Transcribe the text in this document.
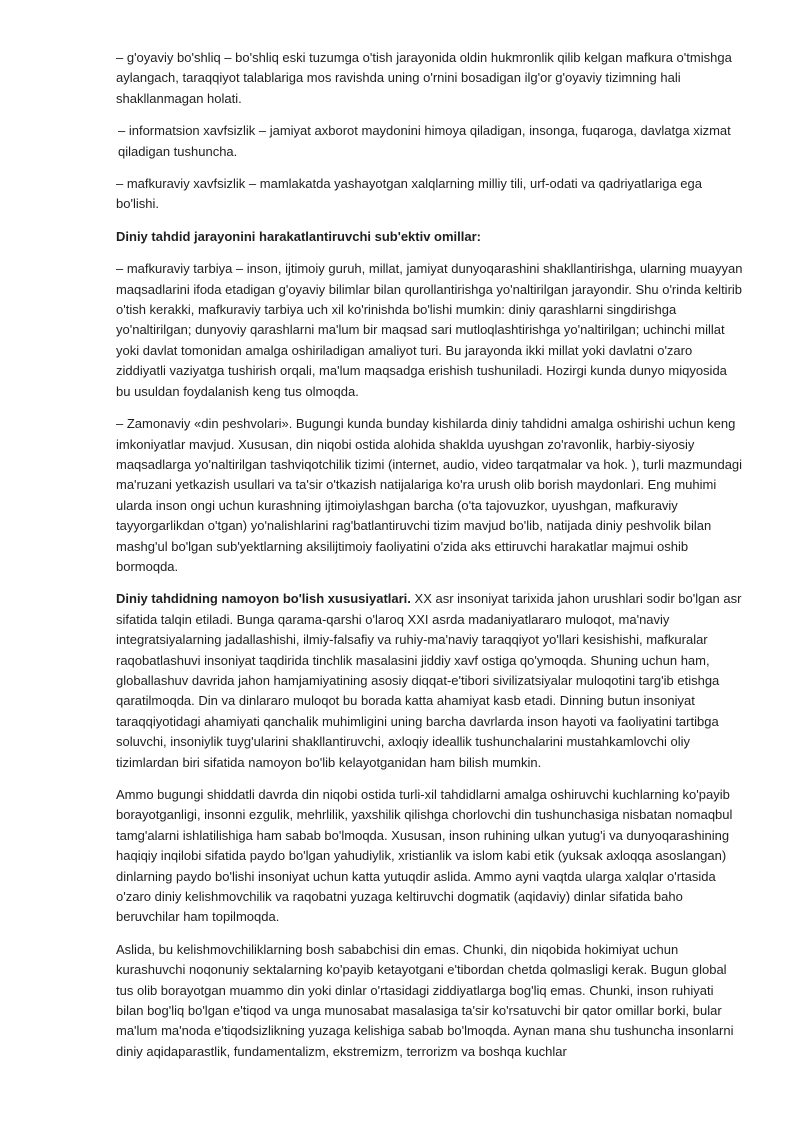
– g'oyaviy bo'shliq – bo'shliq eski tuzumga o'tish jarayonida oldin hukmronlik qilib kelgan mafkura o'tmishga aylangach, taraqqiyot talablariga mos ravishda uning o'rnini bosadigan ilg'or g'oyaviy tizimning hali shakllanmagan holati.

– informatsion xavfsizlik – jamiyat axborot maydonini himoya qiladigan, insonga, fuqaroga, davlatga xizmat qiladigan tushuncha.

– mafkuraviy xavfsizlik – mamlakatda yashayotgan xalqlarning milliy tili, urf-odati va qadriyatlariga ega bo'lishi.

Diniy tahdid jarayonini harakatlantiruvchi sub'ektiv omillar:

– mafkuraviy tarbiya – inson, ijtimoiy guruh, millat, jamiyat dunyoqarashini shakllantirishga, ularning muayyan maqsadlarini ifoda etadigan g'oyaviy bilimlar bilan qurollantirishga yo'naltirilgan jarayondir. Shu o'rinda keltirib o'tish kerakki, mafkuraviy tarbiya uch xil ko'rinishda bo'lishi mumkin: diniy qarashlarni singdirishga yo'naltirilgan; dunyoviy qarashlarni ma'lum bir maqsad sari mutloqlashtirishga yo'naltirilgan; uchinchi millat yoki davlat tomonidan amalga oshiriladigan amaliyot turi. Bu jarayonda ikki millat yoki davlatni o'zaro ziddiyatli vaziyatga tushirish orqali, ma'lum maqsadga erishish tushuniladi. Hozirgi kunda dunyo miqyosida bu usuldan foydalanish keng tus olmoqda.

– Zamonaviy «din peshvolari». Bugungi kunda bunday kishilarda diniy tahdidni amalga oshirishi uchun keng imkoniyatlar mavjud. Xususan, din niqobi ostida alohida shaklda uyushgan zo'ravonlik, harbiy-siyosiy maqsadlarga yo'naltirilgan tashviqotchilik tizimi (internet, audio, video tarqatmalar va hok. ), turli mazmundagi ma'ruzani yetkazish usullari va ta'sir o'tkazish natijalariga ko'ra urush olib borish maydonlari. Eng muhimi ularda inson ongi uchun kurashning ijtimoiylashgan barcha (o'ta tajovuzkor, uyushgan, mafkuraviy tayyorgarlikdan o'tgan) yo'nalishlarini rag'batlantiruvchi tizim mavjud bo'lib, natijada diniy peshvolik bilan mashg'ul bo'lgan sub'yektlarning aksilijtimoiy faoliyatini o'zida aks ettiruvchi harakatlar majmui oshib bormoqda.

Diniy tahdidning namoyon bo'lish xususiyatlari. XX asr insoniyat tarixida jahon urushlari sodir bo'lgan asr sifatida talqin etiladi. Bunga qarama-qarshi o'laroq XXI asrda madaniyatlararo muloqot, ma'naviy integratsiyalarning jadallashishi, ilmiy-falsafiy va ruhiy-ma'naviy taraqqiyot yo'llari kesishishi, mafkuralar raqobatlashuvi insoniyat taqdirida tinchlik masalasini jiddiy xavf ostiga qo'ymoqda. Shuning uchun ham, globallashuv davrida jahon hamjamiyatining asosiy diqqat-e'tibori sivilizatsiyalar muloqotini targ'ib etishga qaratilmoqda. Din va dinlararo muloqot bu borada katta ahamiyat kasb etadi. Dinning butun insoniyat taraqqiyotidagi ahamiyati qanchalik muhimligini uning barcha davrlarda inson hayoti va faoliyatini tartibga soluvchi, insoniylik tuyg'ularini shakllantiruvchi, axloqiy ideallik tushunchalarini mustahkamlovchi oliy tizimlardan biri sifatida namoyon bo'lib kelayotganidan ham bilish mumkin.

Ammo bugungi shiddatli davrda din niqobi ostida turli-xil tahdidlarni amalga oshiruvchi kuchlarning ko'payib borayotganligi, insonni ezgulik, mehrlilik, yaxshilik qilishga chorlovchi din tushunchasiga nisbatan nomaqbul tamg'alarni ishlatilishiga ham sabab bo'lmoqda. Xususan, inson ruhining ulkan yutug'i va dunyoqarashining haqiqiy inqilobi sifatida paydo bo'lgan yahudiylik, xristianlik va islom kabi etik (yuksak axloqqa asoslangan) dinlarning paydo bo'lishi insoniyat uchun katta yutuqdir aslida. Ammo ayni vaqtda ularga xalqlar o'rtasida o'zaro diniy kelishmovchilik va raqobatni yuzaga keltiruvchi dogmatik (aqidaviy) dinlar sifatida baho beruvchilar ham topilmoqda.

Aslida, bu kelishmovchiliklarning bosh sababchisi din emas. Chunki, din niqobida hokimiyat uchun kurashuvchi noqonuniy sektalarning ko'payib ketayotgani e'tibordan chetda qolmasligi kerak. Bugun global tus olib borayotgan muammo din yoki dinlar o'rtasidagi ziddiyatlarga bog'liq emas. Chunki, inson ruhiyati bilan bog'liq bo'lgan e'tiqod va unga munosabat masalasiga ta'sir ko'rsatuvchi bir qator omillar borki, bular ma'lum ma'noda e'tiqodsizlikning yuzaga kelishiga sabab bo'lmoqda. Aynan mana shu tushuncha insonlarni diniy aqidaparastlik, fundamentalizm, ekstremizm, terrorizm va boshqa kuchlar
